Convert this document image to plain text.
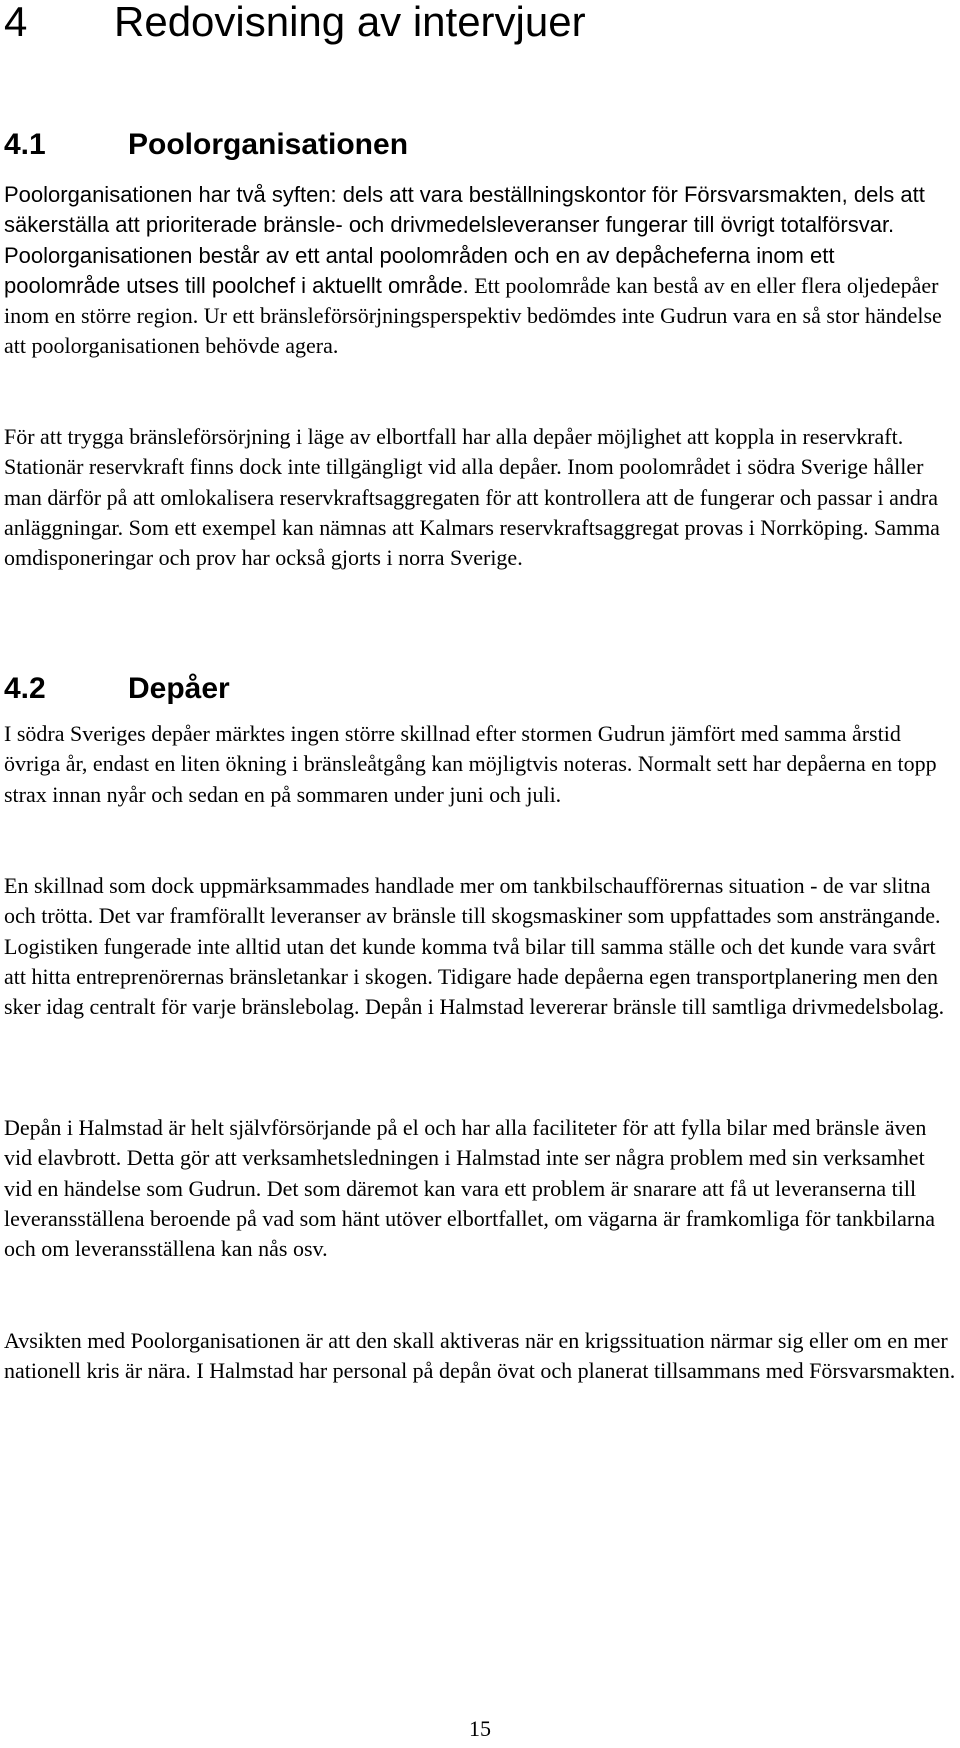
4 Redovisning av intervjuer
4.1	Poolorganisationen

Poolorganisationen har två syften: dels att vara beställningskontor för Försvarsmakten, dels att säkerställa att prioriterade bränsle- och drivmedelsleveranser fungerar till övrigt totalförsvar. Poolorganisationen består av ett antal poolområden och en av depåcheferna inom ett poolområde utses till poolchef i aktuellt område. Ett poolområde kan bestå av en eller flera oljedepåer inom en större region. Ur ett bränsleförsörjningsperspektiv bedömdes inte Gudrun vara en så stor händelse att poolorganisationen behövde agera.

För att trygga bränsleförsörjning i läge av elbortfall har alla depåer möjlighet att koppla in reservkraft. Stationär reservkraft finns dock inte tillgängligt vid alla depåer. Inom poolområdet i södra Sverige håller man därför på att omlokalisera reservkraftsaggregaten för att kontrollera att de fungerar och passar i andra anläggningar. Som ett exempel kan nämnas att Kalmars reservkraftsaggregat provas i Norrköping. Samma omdisponeringar och prov har också gjorts i norra Sverige.

4.2	Depåer

I södra Sveriges depåer märktes ingen större skillnad efter stormen Gudrun jämfört med samma årstid övriga år, endast en liten ökning i bränsleåtgång kan möjligtvis noteras. Normalt sett har depåerna en topp strax innan nyår och sedan en på sommaren under juni och juli.

En skillnad som dock uppmärksammades handlade mer om tankbilschaufförernas situation - de var slitna och trötta. Det var framförallt leveranser av bränsle till skogsmaskiner som uppfattades som ansträngande. Logistiken fungerade inte alltid utan det kunde komma två bilar till samma ställe och det kunde vara svårt att hitta entreprenörernas bränsletankar i skogen. Tidigare hade depåerna egen transportplanering men den sker idag centralt för varje bränslebolag. Depån i Halmstad levererar bränsle till samtliga drivmedelsbolag.

Depån i Halmstad är helt självförsörjande på el och har alla faciliteter för att fylla bilar med bränsle även vid elavbrott. Detta gör att verksamhetsledningen i Halmstad inte ser några problem med sin verksamhet vid en händelse som Gudrun. Det som däremot kan vara ett problem är snarare att få ut leveranserna till leveransställena beroende på vad som hänt utöver elbortfallet, om vägarna är framkomliga för tankbilarna och om leveransställena kan nås osv.

Avsikten med Poolorganisationen är att den skall aktiveras när en krigssituation närmar sig eller om en mer nationell kris är nära. I Halmstad har personal på depån övat och planerat tillsammans med Försvarsmakten.

15
